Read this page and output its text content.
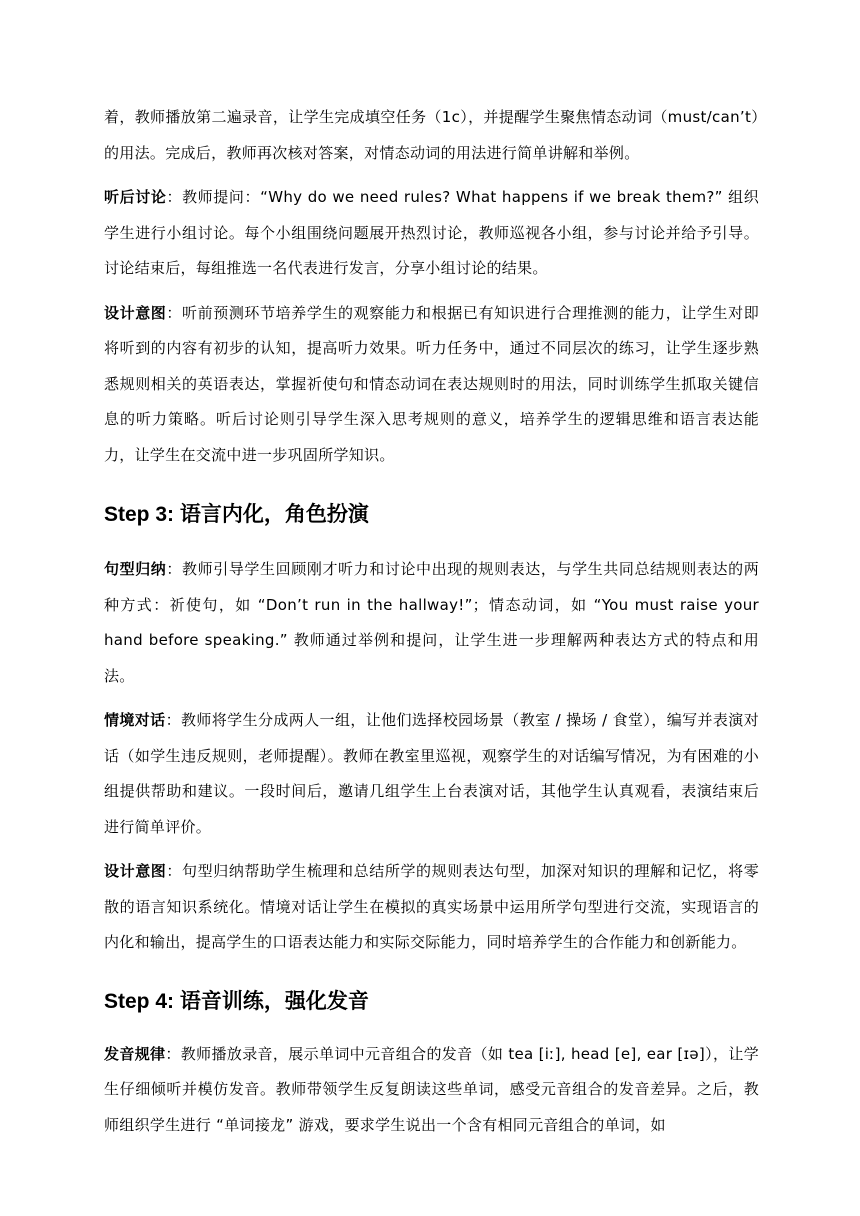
着，教师播放第二遍录音，让学生完成填空任务（1c），并提醒学生聚焦情态动词（must/can’t）的用法。完成后，教师再次核对答案，对情态动词的用法进行简单讲解和举例。

听后讨论：教师提问：“Why do we need rules? What happens if we break them?” 组织学生进行小组讨论。每个小组围绕问题展开热烈讨论，教师巡视各小组，参与讨论并给予引导。讨论结束后，每组推选一名代表进行发言，分享小组讨论的结果。

设计意图：听前预测环节培养学生的观察能力和根据已有知识进行合理推测的能力，让学生对即将听到的内容有初步的认知，提高听力效果。听力任务中，通过不同层次的练习，让学生逐步熟悉规则相关的英语表达，掌握祈使句和情态动词在表达规则时的用法，同时训练学生抓取关键信息的听力策略。听后讨论则引导学生深入思考规则的意义，培养学生的逻辑思维和语言表达能力，让学生在交流中进一步巩固所学知识。

Step 3: 语言内化，角色扮演

句型归纳：教师引导学生回顾刚才听力和讨论中出现的规则表达，与学生共同总结规则表达的两种方式：祈使句，如 “Don’t run in the hallway!”；情态动词，如 “You must raise your hand before speaking.” 教师通过举例和提问，让学生进一步理解两种表达方式的特点和用法。

情境对话：教师将学生分成两人一组，让他们选择校园场景（教室 / 操场 / 食堂），编写并表演对话（如学生违反规则，老师提醒）。教师在教室里巡视，观察学生的对话编写情况，为有困难的小组提供帮助和建议。一段时间后，邀请几组学生上台表演对话，其他学生认真观看，表演结束后进行简单评价。

设计意图：句型归纳帮助学生梳理和总结所学的规则表达句型，加深对知识的理解和记忆，将零散的语言知识系统化。情境对话让学生在模拟的真实场景中运用所学句型进行交流，实现语言的内化和输出，提高学生的口语表达能力和实际交际能力，同时培养学生的合作能力和创新能力。

Step 4: 语音训练，强化发音

发音规律：教师播放录音，展示单词中元音组合的发音（如 tea [iː], head [e], ear [ɪə]），让学生仔细倾听并模仿发音。教师带领学生反复朗读这些单词，感受元音组合的发音差异。之后，教师组织学生进行 “单词接龙” 游戏，要求学生说出一个含有相同元音组合的单词，如
